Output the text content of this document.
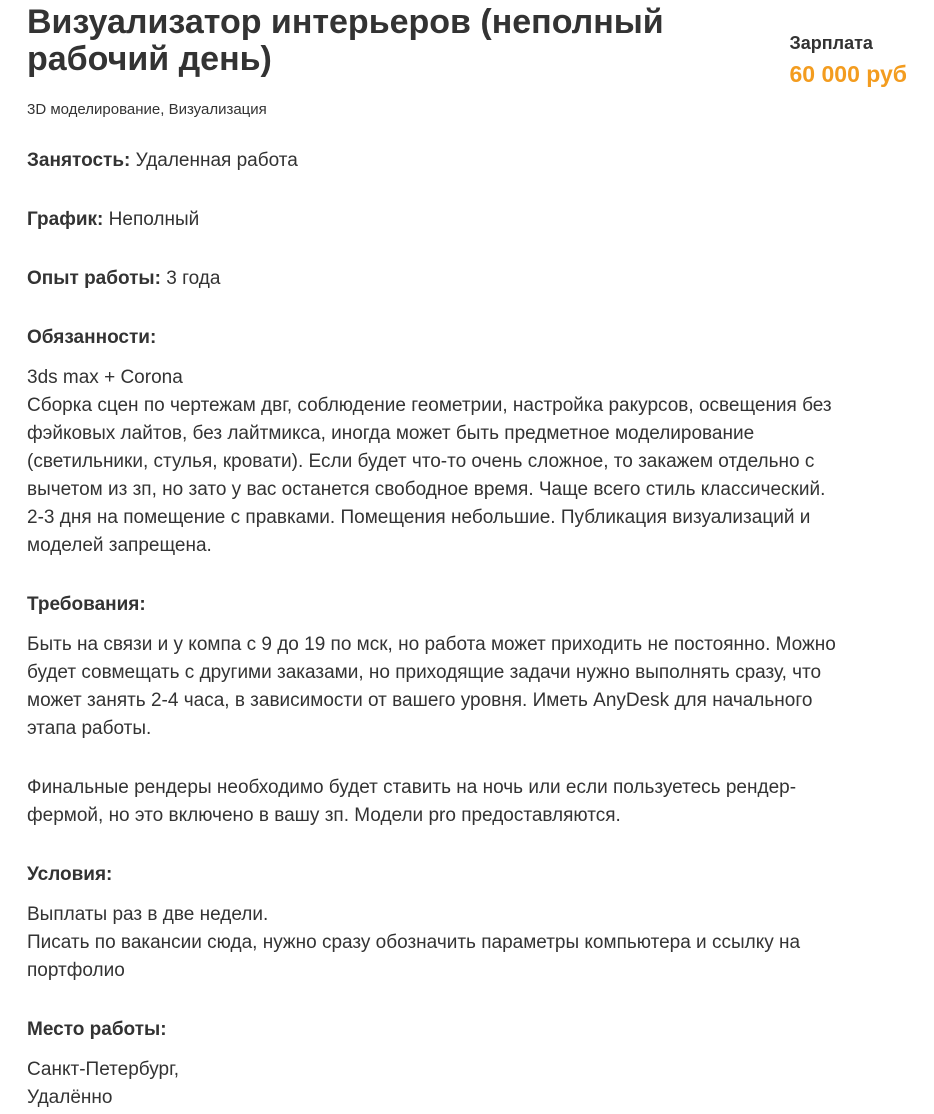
Визуализатор интерьеров (неполный рабочий день)	Зарплата
60 000 руб
3D моделирование, Визуализация

Занятость: Удаленная работа

График: Неполный

Опыт работы: 3 года

Обязанности:

3ds max + Corona
Сборка сцен по чертежам двг, соблюдение геометрии, настройка ракурсов, освещения без
фэйковых лайтов, без лайтмикса, иногда может быть предметное моделирование
(светильники, стулья, кровати). Если будет что-то очень сложное, то закажем отдельно с
вычетом из зп, но зато у вас останется свободное время. Чаще всего стиль классический.
2-3 дня на помещение с правками. Помещения небольшие. Публикация визуализаций и
моделей запрещена.

Требования:

Быть на связи и у компа с 9 до 19 по мск, но работа может приходить не постоянно. Можно
будет совмещать с другими заказами, но приходящие задачи нужно выполнять сразу, что
может занять 2-4 часа, в зависимости от вашего уровня. Иметь AnyDesk для начального
этапа работы.

Финальные рендеры необходимо будет ставить на ночь или если пользуетесь рендер-
фермой, но это включено в вашу зп. Модели pro предоставляются.

Условия:

Выплаты раз в две недели.
Писать по вакансии сюда, нужно сразу обозначить параметры компьютера и ссылку на
портфолио

Место работы:

Санкт-Петербург,
Удалённо
